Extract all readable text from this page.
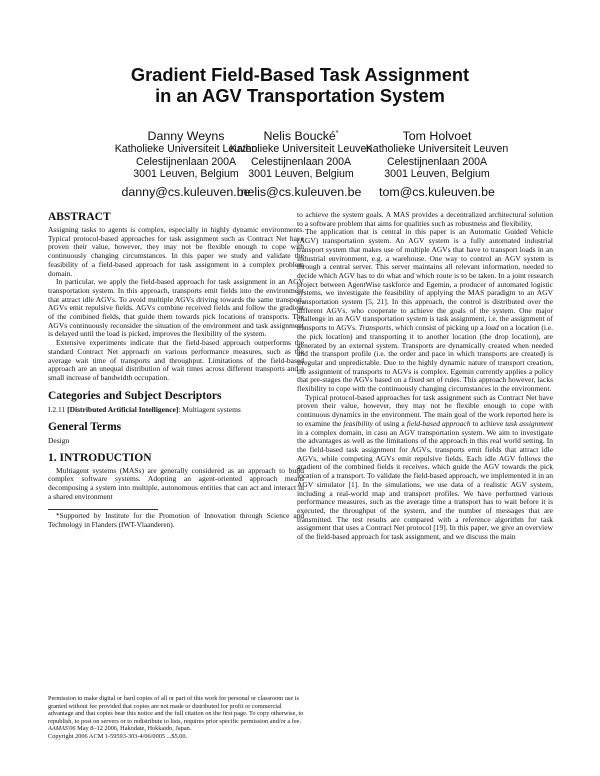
Gradient Field-Based Task Assignment
in an AGV Transportation System
Danny Weyns
Katholieke Universiteit Leuven
Celestijnenlaan 200A
3001 Leuven, Belgium
danny@cs.kuleuven.be
Nelis Boucké*
Katholieke Universiteit Leuven
Celestijnenlaan 200A
3001 Leuven, Belgium
nelis@cs.kuleuven.be
Tom Holvoet
Katholieke Universiteit Leuven
Celestijnenlaan 200A
3001 Leuven, Belgium
tom@cs.kuleuven.be
ABSTRACT

Assigning tasks to agents is complex, especially in highly dynamic environments. Typical protocol-based approaches for task assignment such as Contract Net have proven their value, however, they may not be flexible enough to cope with continuously changing circumstances. In this paper we study and validate the feasibility of a field-based approach for task assignment in a complex problem domain.

In particular, we apply the field-based approach for task assignment in an AGV transportation system. In this approach, transports emit fields into the environment that attract idle AGVs. To avoid multiple AGVs driving towards the same transport, AGVs emit repulsive fields. AGVs combine received fields and follow the gradient of the combined fields, that guide them towards pick locations of transports. The AGVs continuously reconsider the situation of the environment and task assignment is delayed until the load is picked, improves the flexibility of the system.

Extensive experiments indicate that the field-based approach outperforms the standard Contract Net approach on various performance measures, such as the average wait time of transports and throughput. Limitations of the field-based approach are an unequal distribution of wait times across different transports and a small increase of bandwidth occupation.

Categories and Subject Descriptors
I.2.11 [Distributed Artificial Intelligence]: Multiagent systems
General Terms
Design
1. INTRODUCTION

Multiagent systems (MASs) are generally considered as an approach to build complex software systems. Adopting an agent-oriented approach means decomposing a system into multiple, autonomous entities that can act and interact in a shared environment

*Supported by Institute for the Promotion of Innovation through Science and Technology in Flanders (IWT-Vlaanderen).

Permission to make digital or hard copies of all or part of this work for personal or classroom use is granted without fee provided that copies are not made or distributed for profit or commercial advantage and that copies bear this notice and the full citation on the first page. To copy otherwise, to republish, to post on servers or to redistribute to lists, requires prior specific permission and/or a fee.
AAMAS'06 May 8–12 2006, Hakodate, Hokkaido, Japan.
Copyright 2006 ACM 1-59593-303-4/06/0005 ...$5.00.

to achieve the system goals. A MAS provides a decentralized architectural solution to a software problem that aims for qualities such as robustness and flexibility.

The application that is central in this paper is an Automatic Guided Vehicle (AGV) transportation system. An AGV system is a fully automated industrial transport system that makes use of multiple AGVs that have to transport loads in an industrial environment, e.g. a warehouse. One way to control an AGV system is through a central server. This server maintains all relevant information, needed to decide which AGV has to do what and which route is to be taken. In a joint research project between AgentWise taskforce and Egemin, a producer of automated logistic systems, we investigate the feasibility of applying the MAS paradigm to an AGV transportation system [5, 21]. In this approach, the control is distributed over the different AGVs, who cooperate to achieve the goals of the system. One major challenge in an AGV transportation system is task assignment, i.e. the assignment of transports to AGVs. Transports, which consist of picking up a load on a location (i.e. the pick location) and transporting it to another location (the drop location), are generated by an external system. Transports are dynamically created when needed and the transport profile (i.e. the order and pace in which transports are created) is irregular and unpredictable. Due to the highly dynamic nature of transport creation, the assignment of transports to AGVs is complex. Egemin currently applies a policy that pre-stages the AGVs based on a fixed set of rules. This approach however, lacks flexibility to cope with the continuously changing circumstances in the environment.

Typical protocol-based approaches for task assignment such as Contract Net have proven their value, however, they may not be flexible enough to cope with continuous dynamics in the environment. The main goal of the work reported here is to examine the feasibility of using a field-based approach to achieve task assignment in a complex domain, in casu an AGV transportation system. We aim to investigate the advantages as well as the limitations of the approach in this real world setting. In the field-based task assignment for AGVs, transports emit fields that attract idle AGVs, while competing AGVs emit repulsive fields. Each idle AGV follows the gradient of the combined fields it receives, which guide the AGV towards the pick location of a transport. To validate the field-based approach, we implemented it in an AGV simulator [1]. In the simulations, we use data of a realistic AGV system, including a real-world map and transport profiles. We have performed various performance measures, such as the average time a transport has to wait before it is executed, the throughput of the system, and the number of messages that are transmitted. The test results are compared with a reference algorithm for task assignment that uses a Contract Net protocol [19]. In this paper, we give an overview of the field-based approach for task assignment, and we discuss the main
